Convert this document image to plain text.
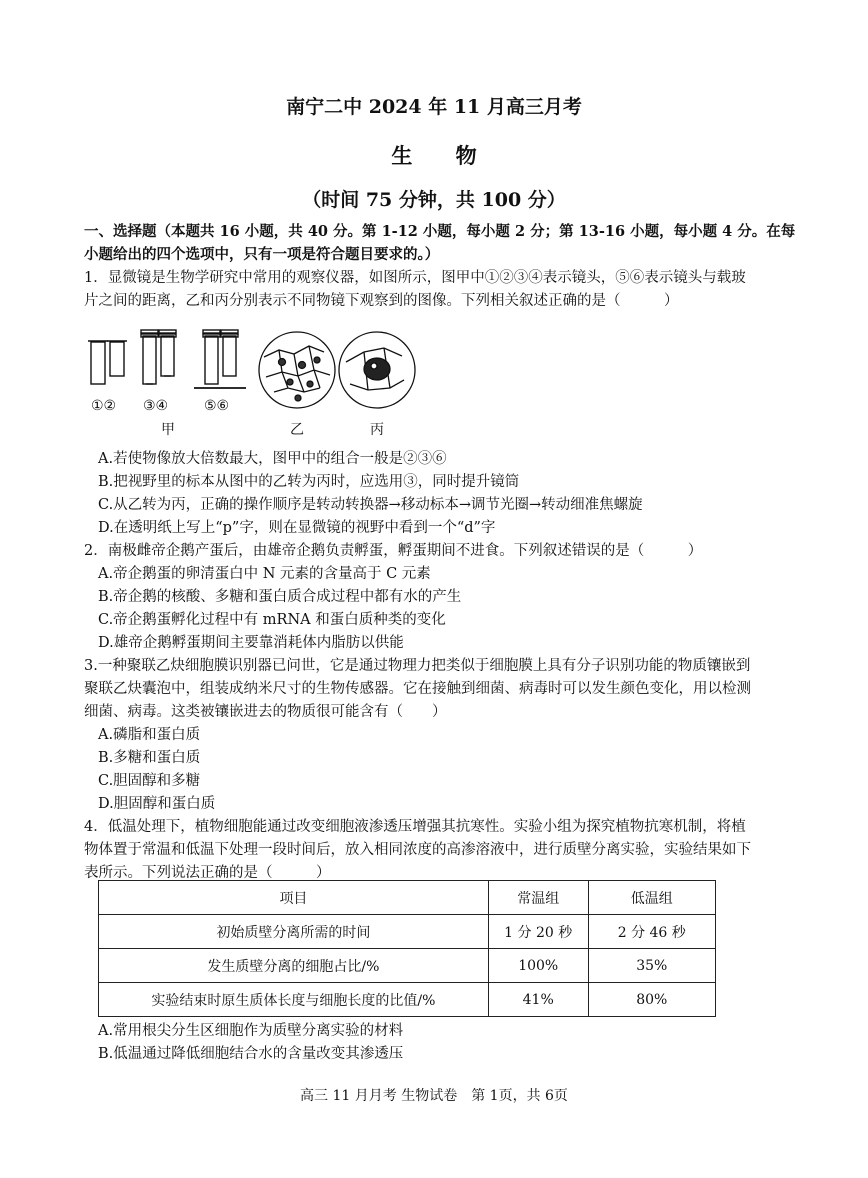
南宁二中 2024 年 11 月高三月考
生 物
（时间 75 分钟，共 100 分）
一、选择题（本题共 16 小题，共 40 分。第 1-12 小题，每小题 2 分；第 13-16 小题，每小题 4 分。在每
小题给出的四个选项中，只有一项是符合题目要求的。）
1．显微镜是生物学研究中常用的观察仪器，如图所示，图甲中①②③④表示镜头，⑤⑥表示镜头与载玻
片之间的距离，乙和丙分别表示不同物镜下观察到的图像。下列相关叙述正确的是（　　　）
①② ③④	⑤⑥
甲	乙	丙
A.若使物像放大倍数最大，图甲中的组合一般是②③⑥
B.把视野里的标本从图中的乙转为丙时，应选用③，同时提升镜筒
C.从乙转为丙，正确的操作顺序是转动转换器→移动标本→调节光圈→转动细准焦螺旋
D.在透明纸上写上“p”字，则在显微镜的视野中看到一个“d”字
2．南极雌帝企鹅产蛋后，由雄帝企鹅负责孵蛋，孵蛋期间不进食。下列叙述错误的是（　　　）
A.帝企鹅蛋的卵清蛋白中 N 元素的含量高于 C 元素
B.帝企鹅的核酸、多糖和蛋白质合成过程中都有水的产生
C.帝企鹅蛋孵化过程中有 mRNA 和蛋白质种类的变化
D.雄帝企鹅孵蛋期间主要靠消耗体内脂肪以供能
3.一种聚联乙炔细胞膜识别器已问世，它是通过物理力把类似于细胞膜上具有分子识别功能的物质镶嵌到
聚联乙炔囊泡中，组装成纳米尺寸的生物传感器。它在接触到细菌、病毒时可以发生颜色变化，用以检测
细菌、病毒。这类被镶嵌进去的物质很可能含有（　　）
A.磷脂和蛋白质
B.多糖和蛋白质
C.胆固醇和多糖
D.胆固醇和蛋白质
4．低温处理下，植物细胞能通过改变细胞液渗透压增强其抗寒性。实验小组为探究植物抗寒机制，将植
物体置于常温和低温下处理一段时间后，放入相同浓度的高渗溶液中，进行质壁分离实验，实验结果如下
表所示。下列说法正确的是（　　　）
项目	常温组	低温组
初始质壁分离所需的时间	1 分 20 秒	2 分 46 秒
发生质壁分离的细胞占比/%	100%	35%
实验结束时原生质体长度与细胞长度的比值/%	41%	80%
A.常用根尖分生区细胞作为质壁分离实验的材料
B.低温通过降低细胞结合水的含量改变其渗透压
高三 11 月月考 生物试卷　第 1页，共 6页
